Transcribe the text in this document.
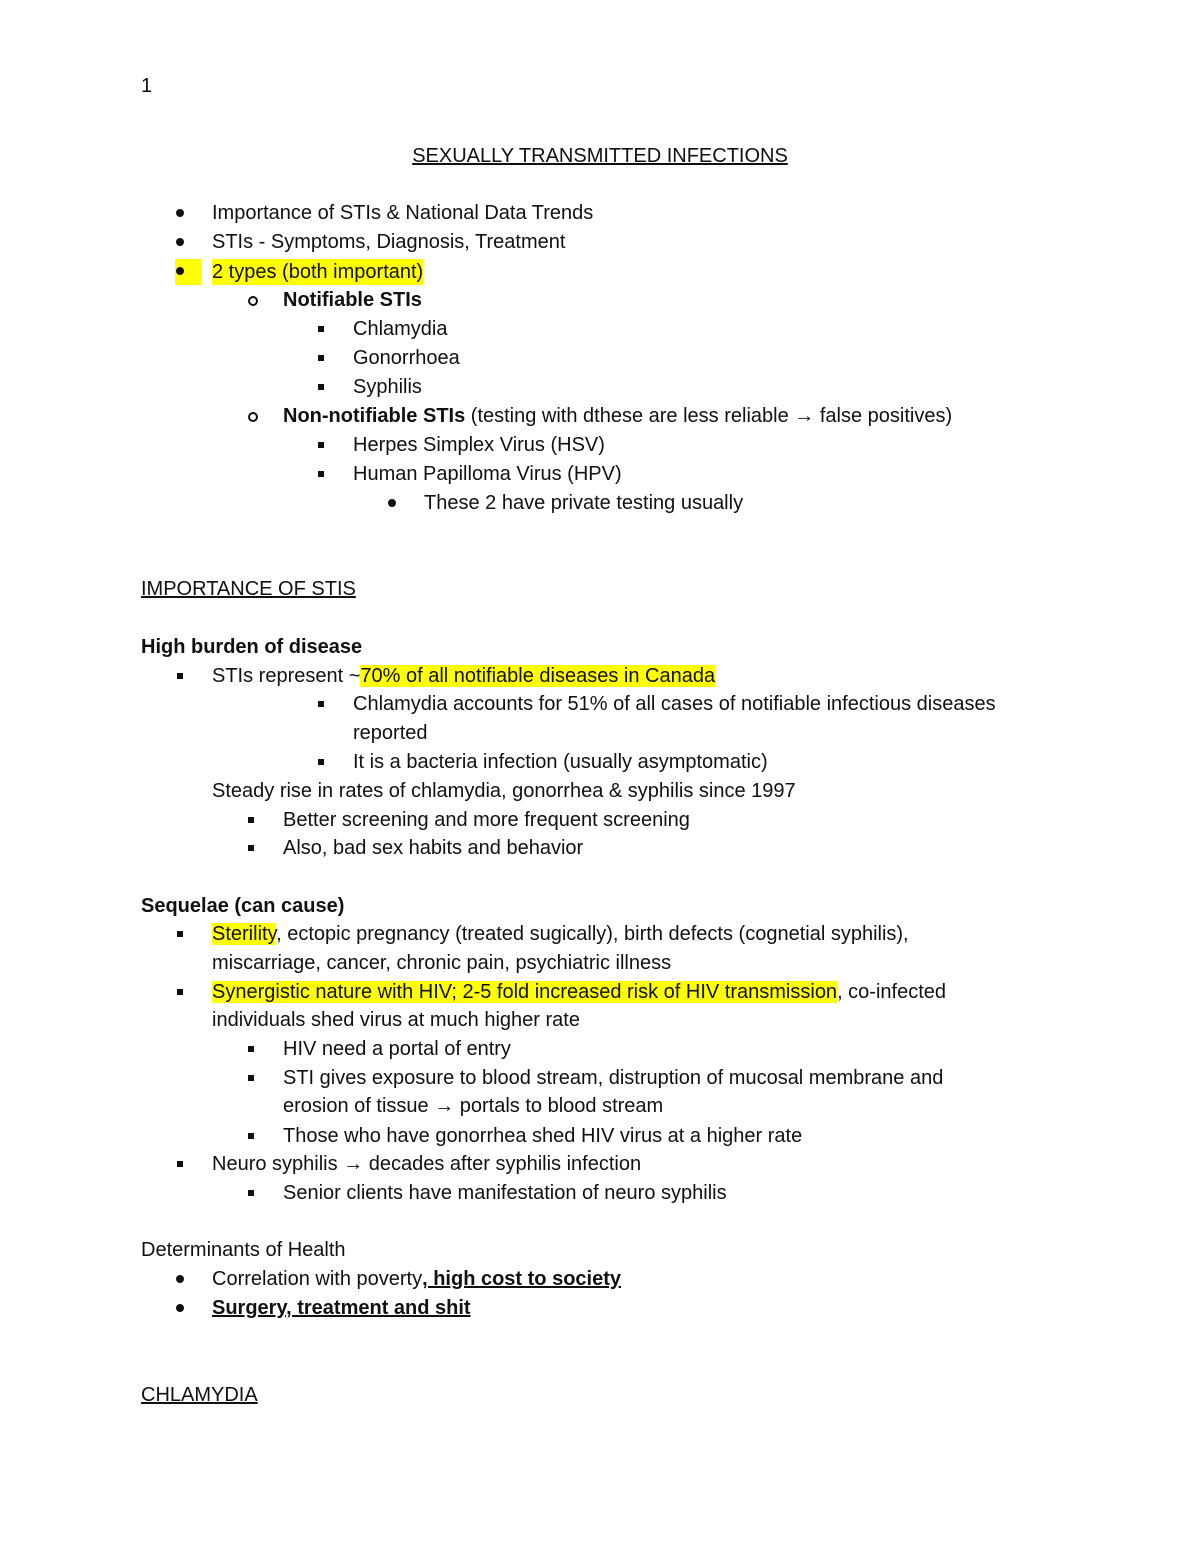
1
SEXUALLY TRANSMITTED INFECTIONS
Importance of STIs & National Data Trends
STIs - Symptoms, Diagnosis, Treatment
2 types (both important)
Notifiable STIs
Chlamydia
Gonorrhoea
Syphilis
Non-notifiable STIs (testing with dthese are less reliable → false positives)
Herpes Simplex Virus (HSV)
Human Papilloma Virus (HPV)
These 2 have private testing usually
IMPORTANCE OF STIS
High burden of disease
STIs represent ~70% of all notifiable diseases in Canada
Chlamydia accounts for 51% of all cases of notifiable infectious diseases
reported
It is a bacteria infection (usually asymptomatic)
Steady rise in rates of chlamydia, gonorrhea & syphilis since 1997
Better screening and more frequent screening
Also, bad sex habits and behavior
Sequelae (can cause)
Sterility, ectopic pregnancy (treated sugically), birth defects (cognetial syphilis),
miscarriage, cancer, chronic pain, psychiatric illness
Synergistic nature with HIV; 2-5 fold increased risk of HIV transmission, co-infected
individuals shed virus at much higher rate
HIV need a portal of entry
STI gives exposure to blood stream, distruption of mucosal membrane and
erosion of tissue → portals to blood stream
Those who have gonorrhea shed HIV virus at a higher rate
Neuro syphilis → decades after syphilis infection
Senior clients have manifestation of neuro syphilis
Determinants of Health
Correlation with poverty, high cost to society
Surgery, treatment and shit
CHLAMYDIA
